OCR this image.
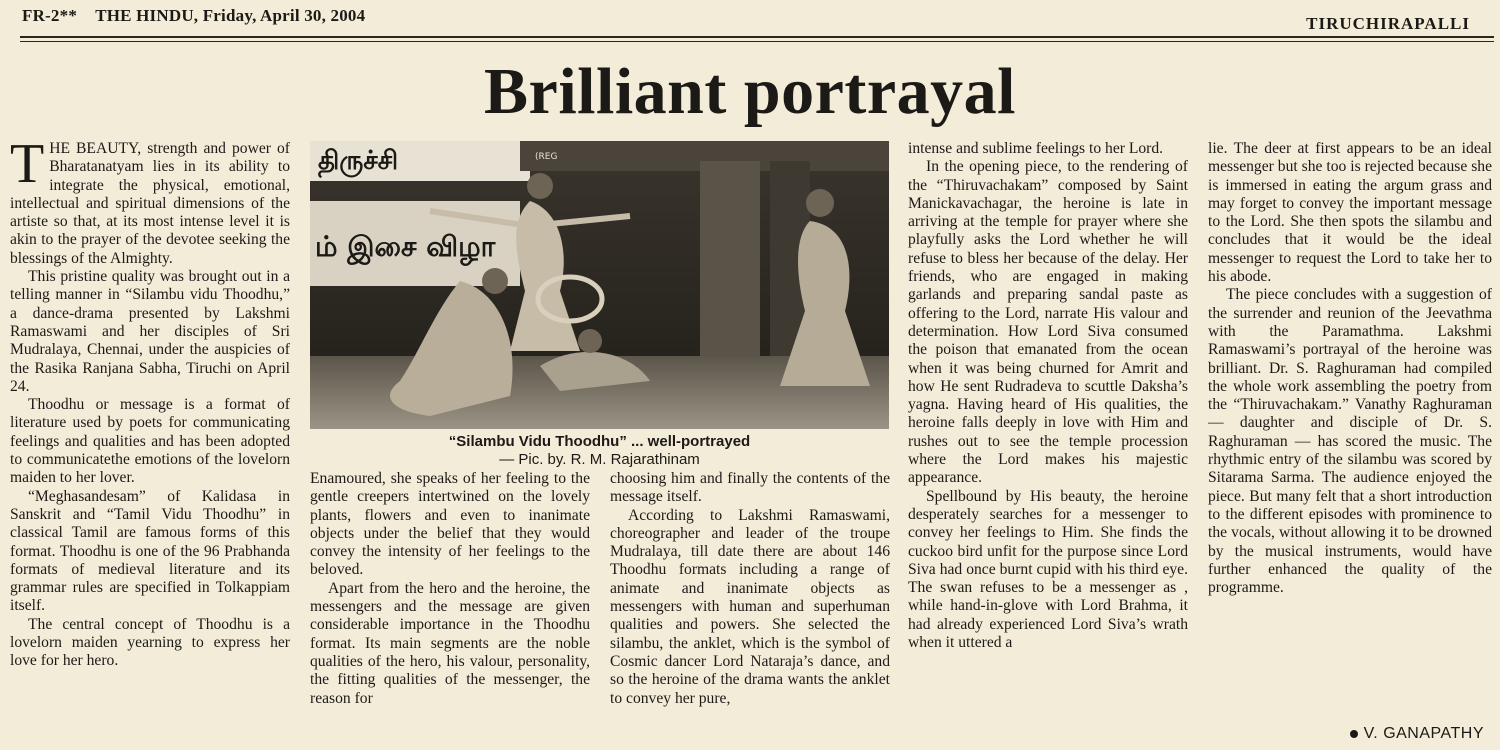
FR-2** THE HINDU, Friday, April 30, 2004	TIRUCHIRAPALLI
Brilliant portrayal

THE BEAUTY, strength and power of Bharatanatyam lies in its ability to integrate the physical, emotional, intellectual and spiritual dimensions of the artiste so that, at its most intense level it is akin to the prayer of the devotee seeking the blessings of the Almighty.

This pristine quality was brought out in a telling manner in “Silambu vidu Thoodhu,” a dance-drama presented by Lakshmi Ramaswami and her disciples of Sri Mudralaya, Chennai, under the auspicies of the Rasika Ranjana Sabha, Tiruchi on April 24.

Thoodhu or message is a format of literature used by poets for communicating feelings and qualities and has been adopted to communicatethe emotions of the lovelorn maiden to her lover.

“Meghasandesam” of Kalidasa in Sanskrit and “Tamil Vidu Thoodhu” in classical Tamil are famous forms of this format. Thoodhu is one of the 96 Prabhanda formats of medieval literature and its grammar rules are specified in Tolkappiam itself.

The central concept of Thoodhu is a lovelorn maiden yearning to express her love for her hero.

திருச்சி
ம் இசை விழா
(REG
“Silambu Vidu Thoodhu” ... well-portrayed
— Pic. by. R. M. Rajarathinam

Enamoured, she speaks of her feeling to the gentle creepers intertwined on the lovely plants, flowers and even to inanimate objects under the belief that they would convey the intensity of her feelings to the beloved.

Apart from the hero and the heroine, the messengers and the message are given considerable importance in the Thoodhu format. Its main segments are the noble qualities of the hero, his valour, personality, the fitting qualities of the messenger, the reason for

choosing him and finally the contents of the message itself.

According to Lakshmi Ramaswami, choreographer and leader of the troupe Mudralaya, till date there are about 146 Thoodhu formats including a range of animate and inanimate objects as messengers with human and superhuman qualities and powers. She selected the silambu, the anklet, which is the symbol of Cosmic dancer Lord Nataraja’s dance, and so the heroine of the drama wants the anklet to convey her pure,

intense and sublime feelings to her Lord.

In the opening piece, to the rendering of the “Thiruvachakam” composed by Saint Manickavachagar, the heroine is late in arriving at the temple for prayer where she playfully asks the Lord whether he will refuse to bless her because of the delay. Her friends, who are engaged in making garlands and preparing sandal paste as offering to the Lord, narrate His valour and determination. How Lord Siva consumed the poison that emanated from the ocean when it was being churned for Amrit and how He sent Rudradeva to scuttle Daksha’s yagna. Having heard of His qualities, the heroine falls deeply in love with Him and rushes out to see the temple procession where the Lord makes his majestic appearance.

Spellbound by His beauty, the heroine desperately searches for a messenger to convey her feelings to Him. She finds the cuckoo bird unfit for the purpose since Lord Siva had once burnt cupid with his third eye. The swan refuses to be a messenger as , while hand-in-glove with Lord Brahma, it had already experienced Lord Siva’s wrath when it uttered a

lie. The deer at first appears to be an ideal messenger but she too is rejected because she is immersed in eating the argum grass and may forget to convey the important message to the Lord. She then spots the silambu and concludes that it would be the ideal messenger to request the Lord to take her to his abode.

The piece concludes with a suggestion of the surrender and reunion of the Jeevathma with the Paramathma. Lakshmi Ramaswami’s portrayal of the heroine was brilliant. Dr. S. Raghuraman had compiled the whole work assembling the poetry from the “Thiruvachakam.” Vanathy Raghuraman — daughter and disciple of Dr. S. Raghuraman — has scored the music. The rhythmic entry of the silambu was scored by Sitarama Sarma. The audience enjoyed the piece. But many felt that a short introduction to the different episodes with prominence to the vocals, without allowing it to be drowned by the musical instruments, would have further enhanced the quality of the programme.

V. GANAPATHY
